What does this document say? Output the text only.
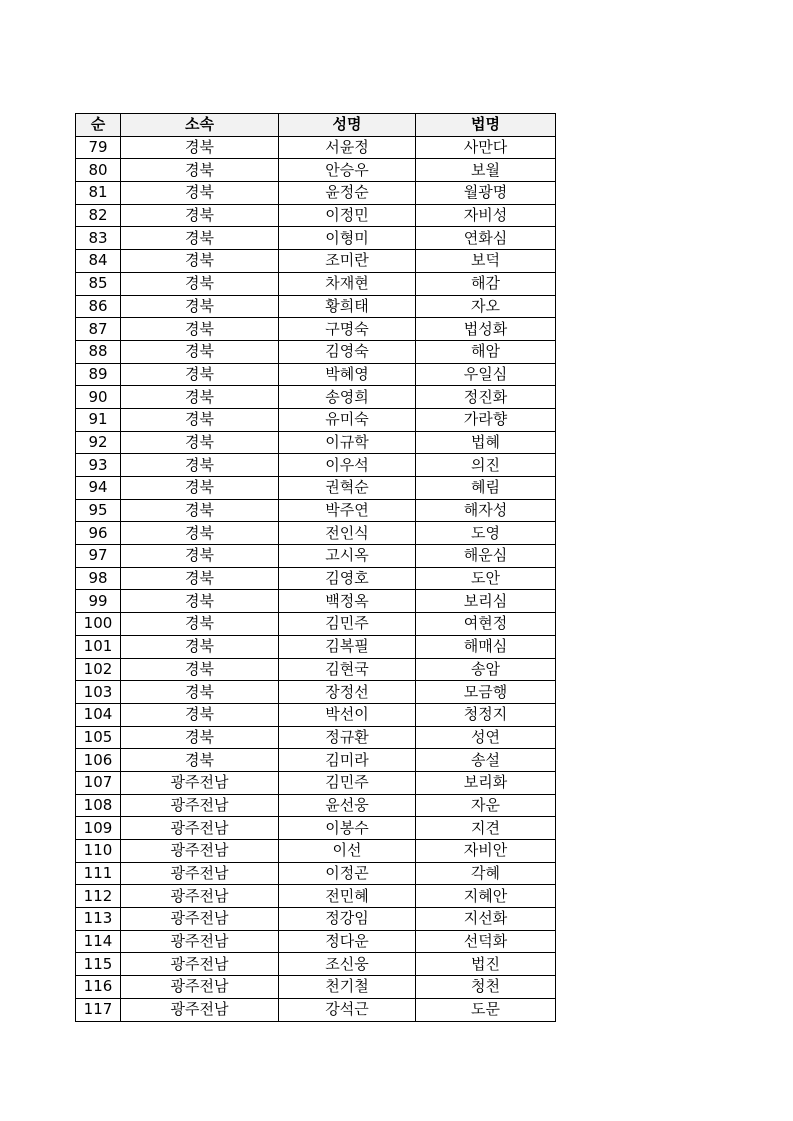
순	소속	성명	법명
79	경북	서윤정	사만다
80	경북	안승우	보월
81	경북	윤정순	월광명
82	경북	이정민	자비성
83	경북	이형미	연화심
84	경북	조미란	보덕
85	경북	차재현	해감
86	경북	황희태	자오
87	경북	구명숙	법성화
88	경북	김영숙	해암
89	경북	박혜영	우일심
90	경북	송영희	정진화
91	경북	유미숙	가라향
92	경북	이규학	법혜
93	경북	이우석	의진
94	경북	권혁순	혜림
95	경북	박주연	해자성
96	경북	전인식	도영
97	경북	고시옥	해운심
98	경북	김영호	도안
99	경북	백정옥	보리심
100	경북	김민주	여현정
101	경북	김복필	해매심
102	경북	김현국	송암
103	경북	장정선	모금행
104	경북	박선이	청정지
105	경북	정규환	성연
106	경북	김미라	송설
107	광주전남	김민주	보리화
108	광주전남	윤선웅	자운
109	광주전남	이봉수	지견
110	광주전남	이선	자비안
111	광주전남	이정곤	각혜
112	광주전남	전민혜	지혜안
113	광주전남	정강임	지선화
114	광주전남	정다운	선덕화
115	광주전남	조신웅	법진
116	광주전남	천기철	청천
117	광주전남	강석근	도문
